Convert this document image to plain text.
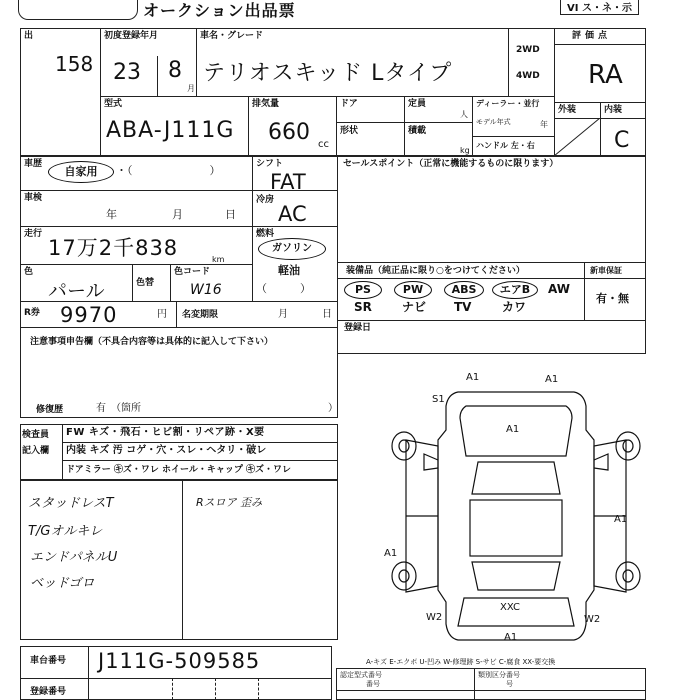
オークション出品票	VI ス・ネ・示
出
158
初度登録年月
23 8
月
車名・グレード
テリオスキッド Lタイプ
2WD
4WD
評価点
RA
外装	内装
C
型式
ABA-J111G
排気量
660 cc
ドア	定員
人
形状	積載
kg
ディーラー・並行
モデル年式	年
ハンドル 左・右
車歴
自家用	・（　　　　　　　）	シフト
FAT
セールスポイント（正常に機能するものに限ります）
車検
年	月	日
冷房
AC
走行
17万2千838	km
燃料
ガソリン
色
パール	色替
色コード
W16
軽油
（　　　）
装備品（純正品に限り○をつけてください）	新車保証
PS	PW	ABS	エアB	AW
SR	ナビ TV	カワ
有・無
登録日
R券 9970	円 名変期限	月	日
注意事項申告欄（不具合内容等は具体的に記入して下さい）
修復歴	有　（箇所	）
検査員
記入欄
FW キズ・飛石・ヒビ割・リペア跡・X要
内装 キズ 汚 コゲ・穴・スレ・ヘタリ・破レ
ドアミラー ㋖ズ・ワレ ホイール・キャップ ㋖ズ・ワレ
スタッドレスT
T/Gオルキレ
エンドパネルU
ベッドゴロ
Rスロア 歪み
A1	A1
A1
S1
A1
W2	W2
XXC
A1
A1
車台番号 J111G-509585
登録番号
A-キズ E-エクボ U-凹み W-修理跡 S-サビ C-腐食 XX-要交換
認定型式番号
番号
類別区分番号
号
